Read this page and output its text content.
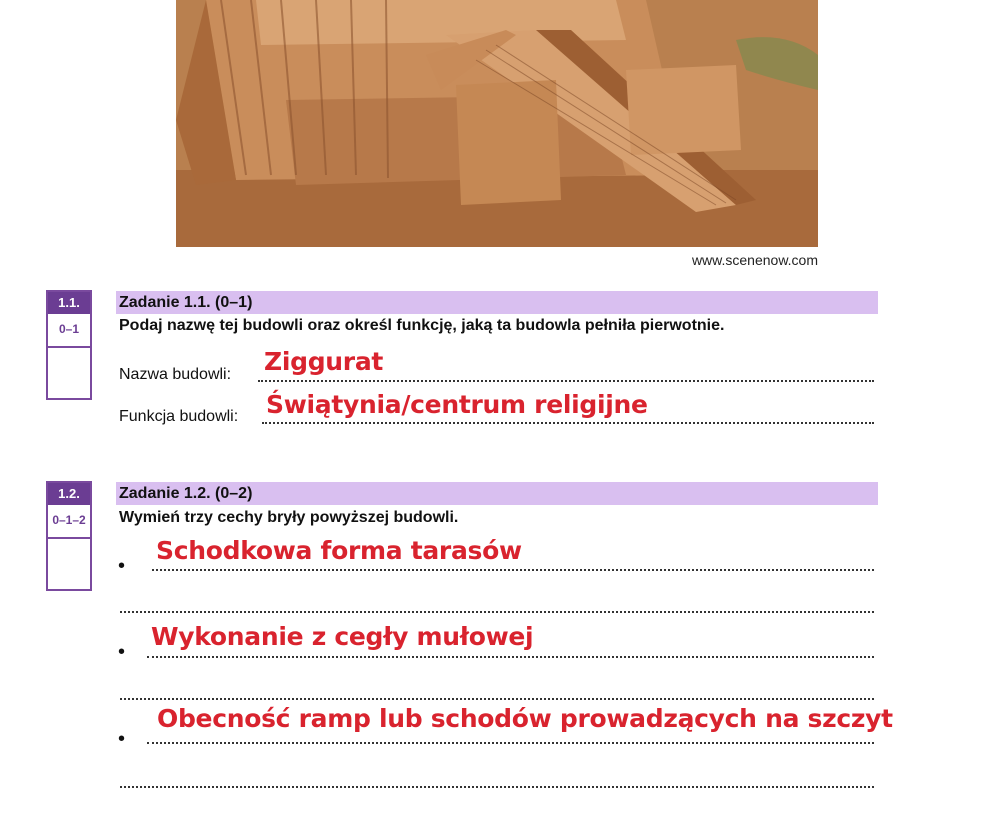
www.scenenow.com
1.1.
0–1
Zadanie 1.1. (0–1)
Podaj nazwę tej budowli oraz określ funkcję, jaką ta budowla pełniła pierwotnie.
Nazwa budowli: Ziggurat
Funkcja budowli: Świątynia/centrum religijne
1.2.
0–1–2
Zadanie 1.2. (0–2)
Wymień trzy cechy bryły powyższej budowli.
Schodkowa forma tarasów
•
Wykonanie z cegły mułowej
•
Obecność ramp lub schodów prowadzących na szczyt
•
